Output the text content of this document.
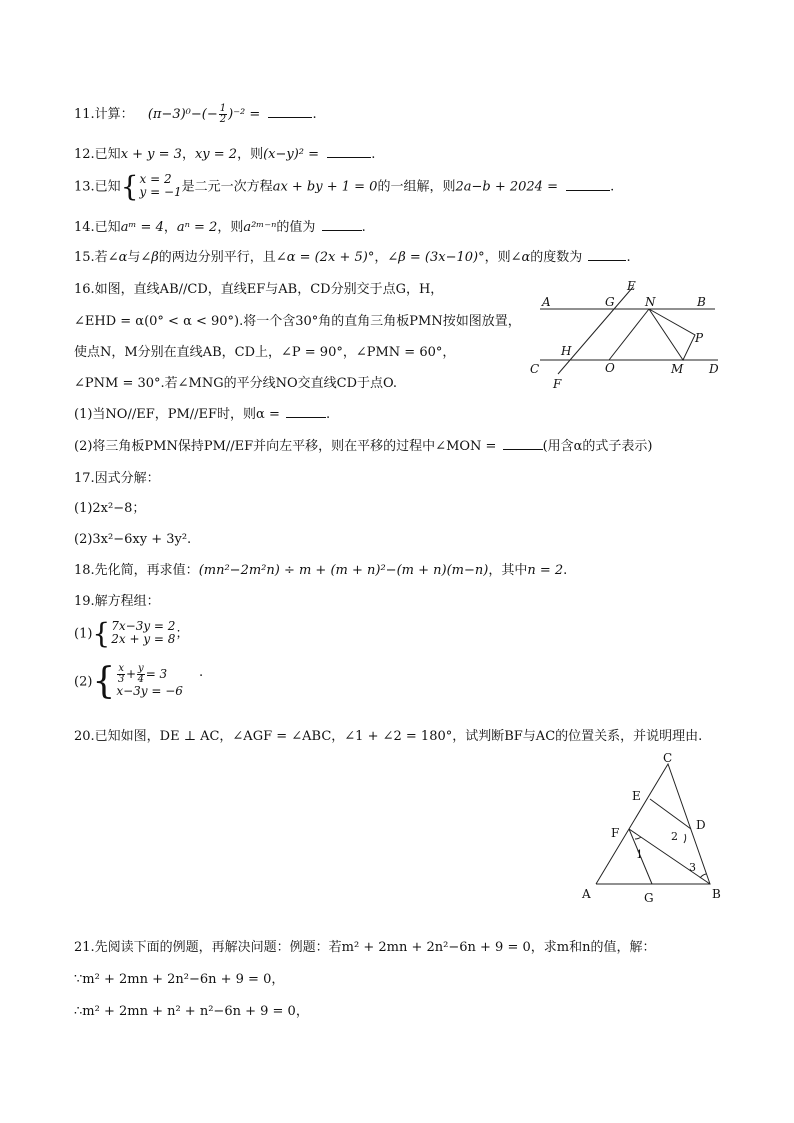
11.计算： $(\pi-3)^0-(- \frac{1}{2} )^{-2}$ =	.
12.已知x + y = 3，xy = 2，则(x−y)² =	.
13.已知 { x = 2
y = −1 是二元一次方程ax + by + 1 = 0的一组解，则2a−b + 2024 =	.
14.已知aᵐ = 4，aⁿ = 2，则a²ᵐ⁻ⁿ的值为	.
15.若∠α与∠β的两边分别平行，且∠α = (2x + 5)°，∠β = (3x−10)°，则∠α的度数为	.
16.如图，直线AB//CD，直线EF与AB，CD分别交于点G，H，
∠EHD = α(0° < α < 90°).将一个含30°角的直角三角板PMN按如图放置，
使点N，M分别在直线AB，CD上，∠P = 90°，∠PMN = 60°，
∠PNM = 30°.若∠MNG的平分线NO交直线CD于点O.
(1)当NO//EF，PM//EF时，则α =	.
(2)将三角板PMN保持PM//EF并向左平移，则在平移的过程中∠MON =	(用含α的式子表示)
A	B
C	D
E
F
G
H
N
O	M
P
17.因式分解：
(1)2x²−8；
(2)3x²−6xy + 3y².
18.先化简，再求值：(mn²−2m²n) ÷ m + (m + n)²−(m + n)(m−n)，其中n = 2.
19.解方程组：
(1) { 7x−3y = 2
2x + y = 8 ；
(2) { $\frac{x}{3} + \frac{y}{4} = 3$
x−3y = −6
.
20.已知如图，DE ⊥ AC，∠AGF = ∠ABC，∠1 + ∠2 = 180°，试判断BF与AC的位置关系，并说明理由.
A	B
C
D
E
F
G
1
2
3
21.先阅读下面的例题，再解决问题：例题：若m² + 2mn + 2n²−6n + 9 = 0，求m和n的值，解：
∵m² + 2mn + 2n²−6n + 9 = 0，
∴m² + 2mn + n² + n²−6n + 9 = 0，
